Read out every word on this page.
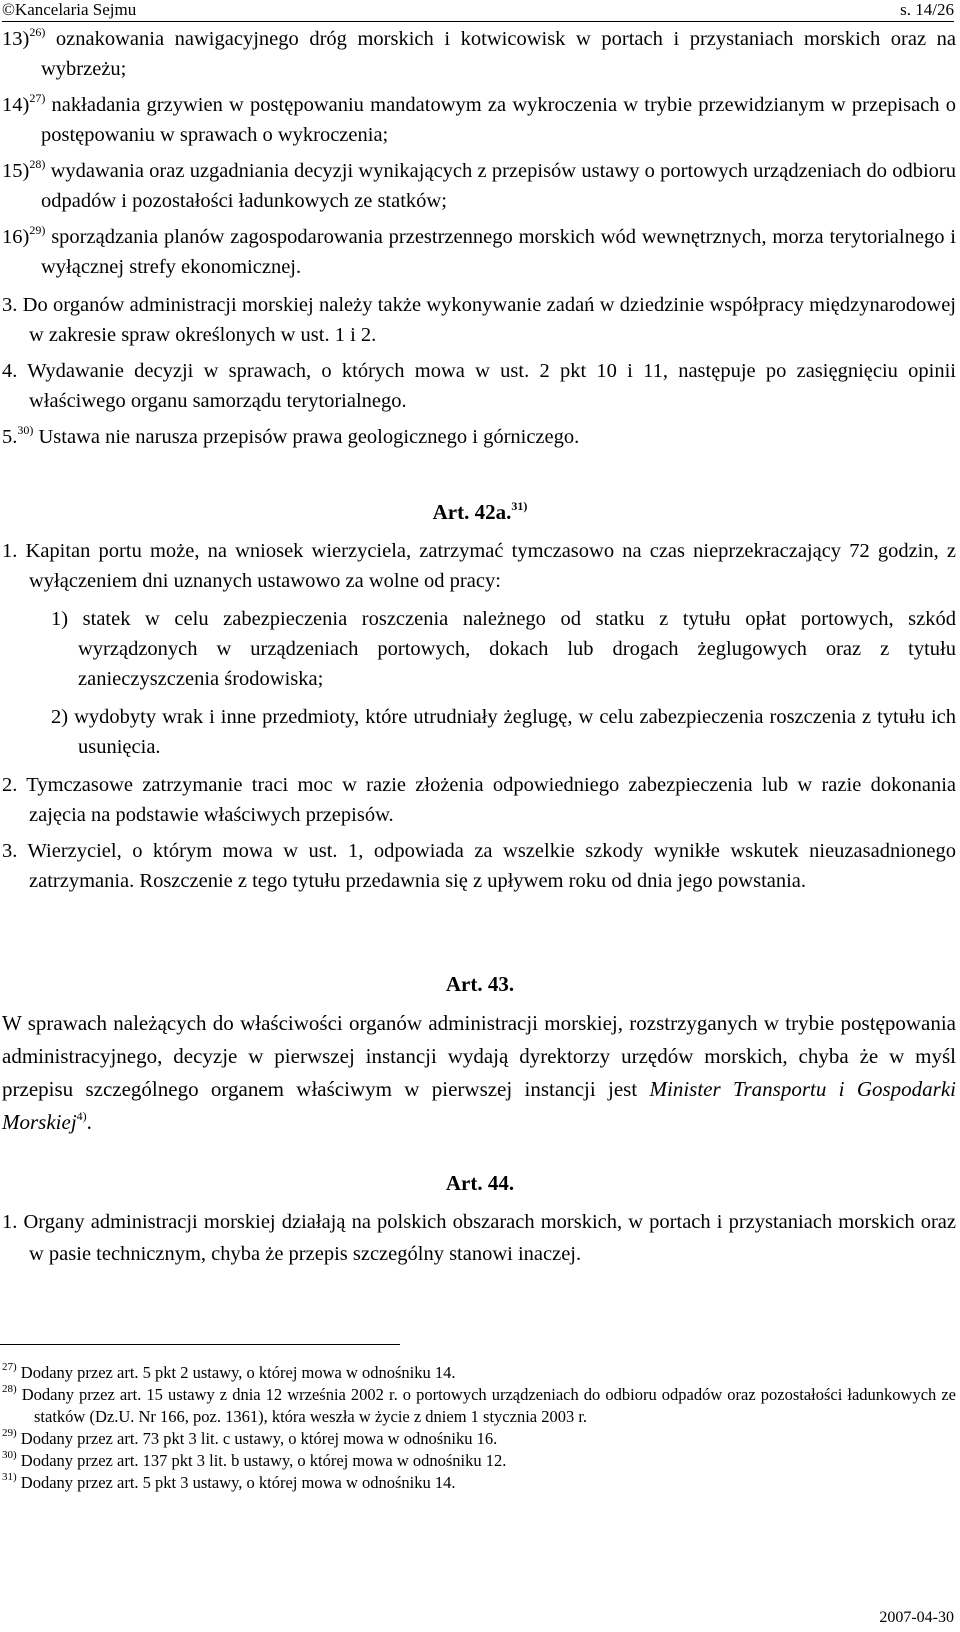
©Kancelaria Sejmu	s. 14/26

13)$^{26)}$ oznakowania nawigacyjnego dróg morskich i kotwicowisk w portach i przystaniach morskich oraz na wybrzeżu;

14)$^{27)}$ nakładania grzywien w postępowaniu mandatowym za wykroczenia w trybie przewidzianym w przepisach o postępowaniu w sprawach o wykroczenia;

15)$^{28)}$ wydawania oraz uzgadniania decyzji wynikających z przepisów ustawy o portowych urządzeniach do odbioru odpadów i pozostałości ładunkowych ze statków;

16)$^{29)}$ sporządzania planów zagospodarowania przestrzennego morskich wód wewnętrznych, morza terytorialnego i wyłącznej strefy ekonomicznej.

3. Do organów administracji morskiej należy także wykonywanie zadań w dziedzinie współpracy międzynarodowej w zakresie spraw określonych w ust. 1 i 2.

4. Wydawanie decyzji w sprawach, o których mowa w ust. 2 pkt 10 i 11, następuje po zasięgnięciu opinii właściwego organu samorządu terytorialnego.

5.$^{30)}$ Ustawa nie narusza przepisów prawa geologicznego i górniczego.

Art. 42a.$^{31)}$

1. Kapitan portu może, na wniosek wierzyciela, zatrzymać tymczasowo na czas nieprzekraczający 72 godzin, z wyłączeniem dni uznanych ustawowo za wolne od pracy:

1) statek w celu zabezpieczenia roszczenia należnego od statku z tytułu opłat portowych, szkód wyrządzonych w urządzeniach portowych, dokach lub drogach żeglugowych oraz z tytułu zanieczyszczenia środowiska;

2) wydobyty wrak i inne przedmioty, które utrudniały żeglugę, w celu zabezpieczenia roszczenia z tytułu ich usunięcia.

2. Tymczasowe zatrzymanie traci moc w razie złożenia odpowiedniego zabezpieczenia lub w razie dokonania zajęcia na podstawie właściwych przepisów.

3. Wierzyciel, o którym mowa w ust. 1, odpowiada za wszelkie szkody wynikłe wskutek nieuzasadnionego zatrzymania. Roszczenie z tego tytułu przedawnia się z upływem roku od dnia jego powstania.

Art. 43.

W sprawach należących do właściwości organów administracji morskiej, rozstrzyganych w trybie postępowania administracyjnego, decyzje w pierwszej instancji wydają dyrektorzy urzędów morskich, chyba że w myśl przepisu szczególnego organem właściwym w pierwszej instancji jest Minister Transportu i Gospodarki Morskiej$^{4)}$.

Art. 44.

1. Organy administracji morskiej działają na polskich obszarach morskich, w portach i przystaniach morskich oraz w pasie technicznym, chyba że przepis szczególny stanowi inaczej.

$^{27)}$ Dodany przez art. 5 pkt 2 ustawy, o której mowa w odnośniku 14.

$^{28)}$ Dodany przez art. 15 ustawy z dnia 12 września 2002 r. o portowych urządzeniach do odbioru odpadów oraz pozostałości ładunkowych ze statków (Dz.U. Nr 166, poz. 1361), która weszła w życie z dniem 1 stycznia 2003 r.

$^{29)}$ Dodany przez art. 73 pkt 3 lit. c ustawy, o której mowa w odnośniku 16.

$^{30)}$ Dodany przez art. 137 pkt 3 lit. b ustawy, o której mowa w odnośniku 12.

$^{31)}$ Dodany przez art. 5 pkt 3 ustawy, o której mowa w odnośniku 14.

2007-04-30
